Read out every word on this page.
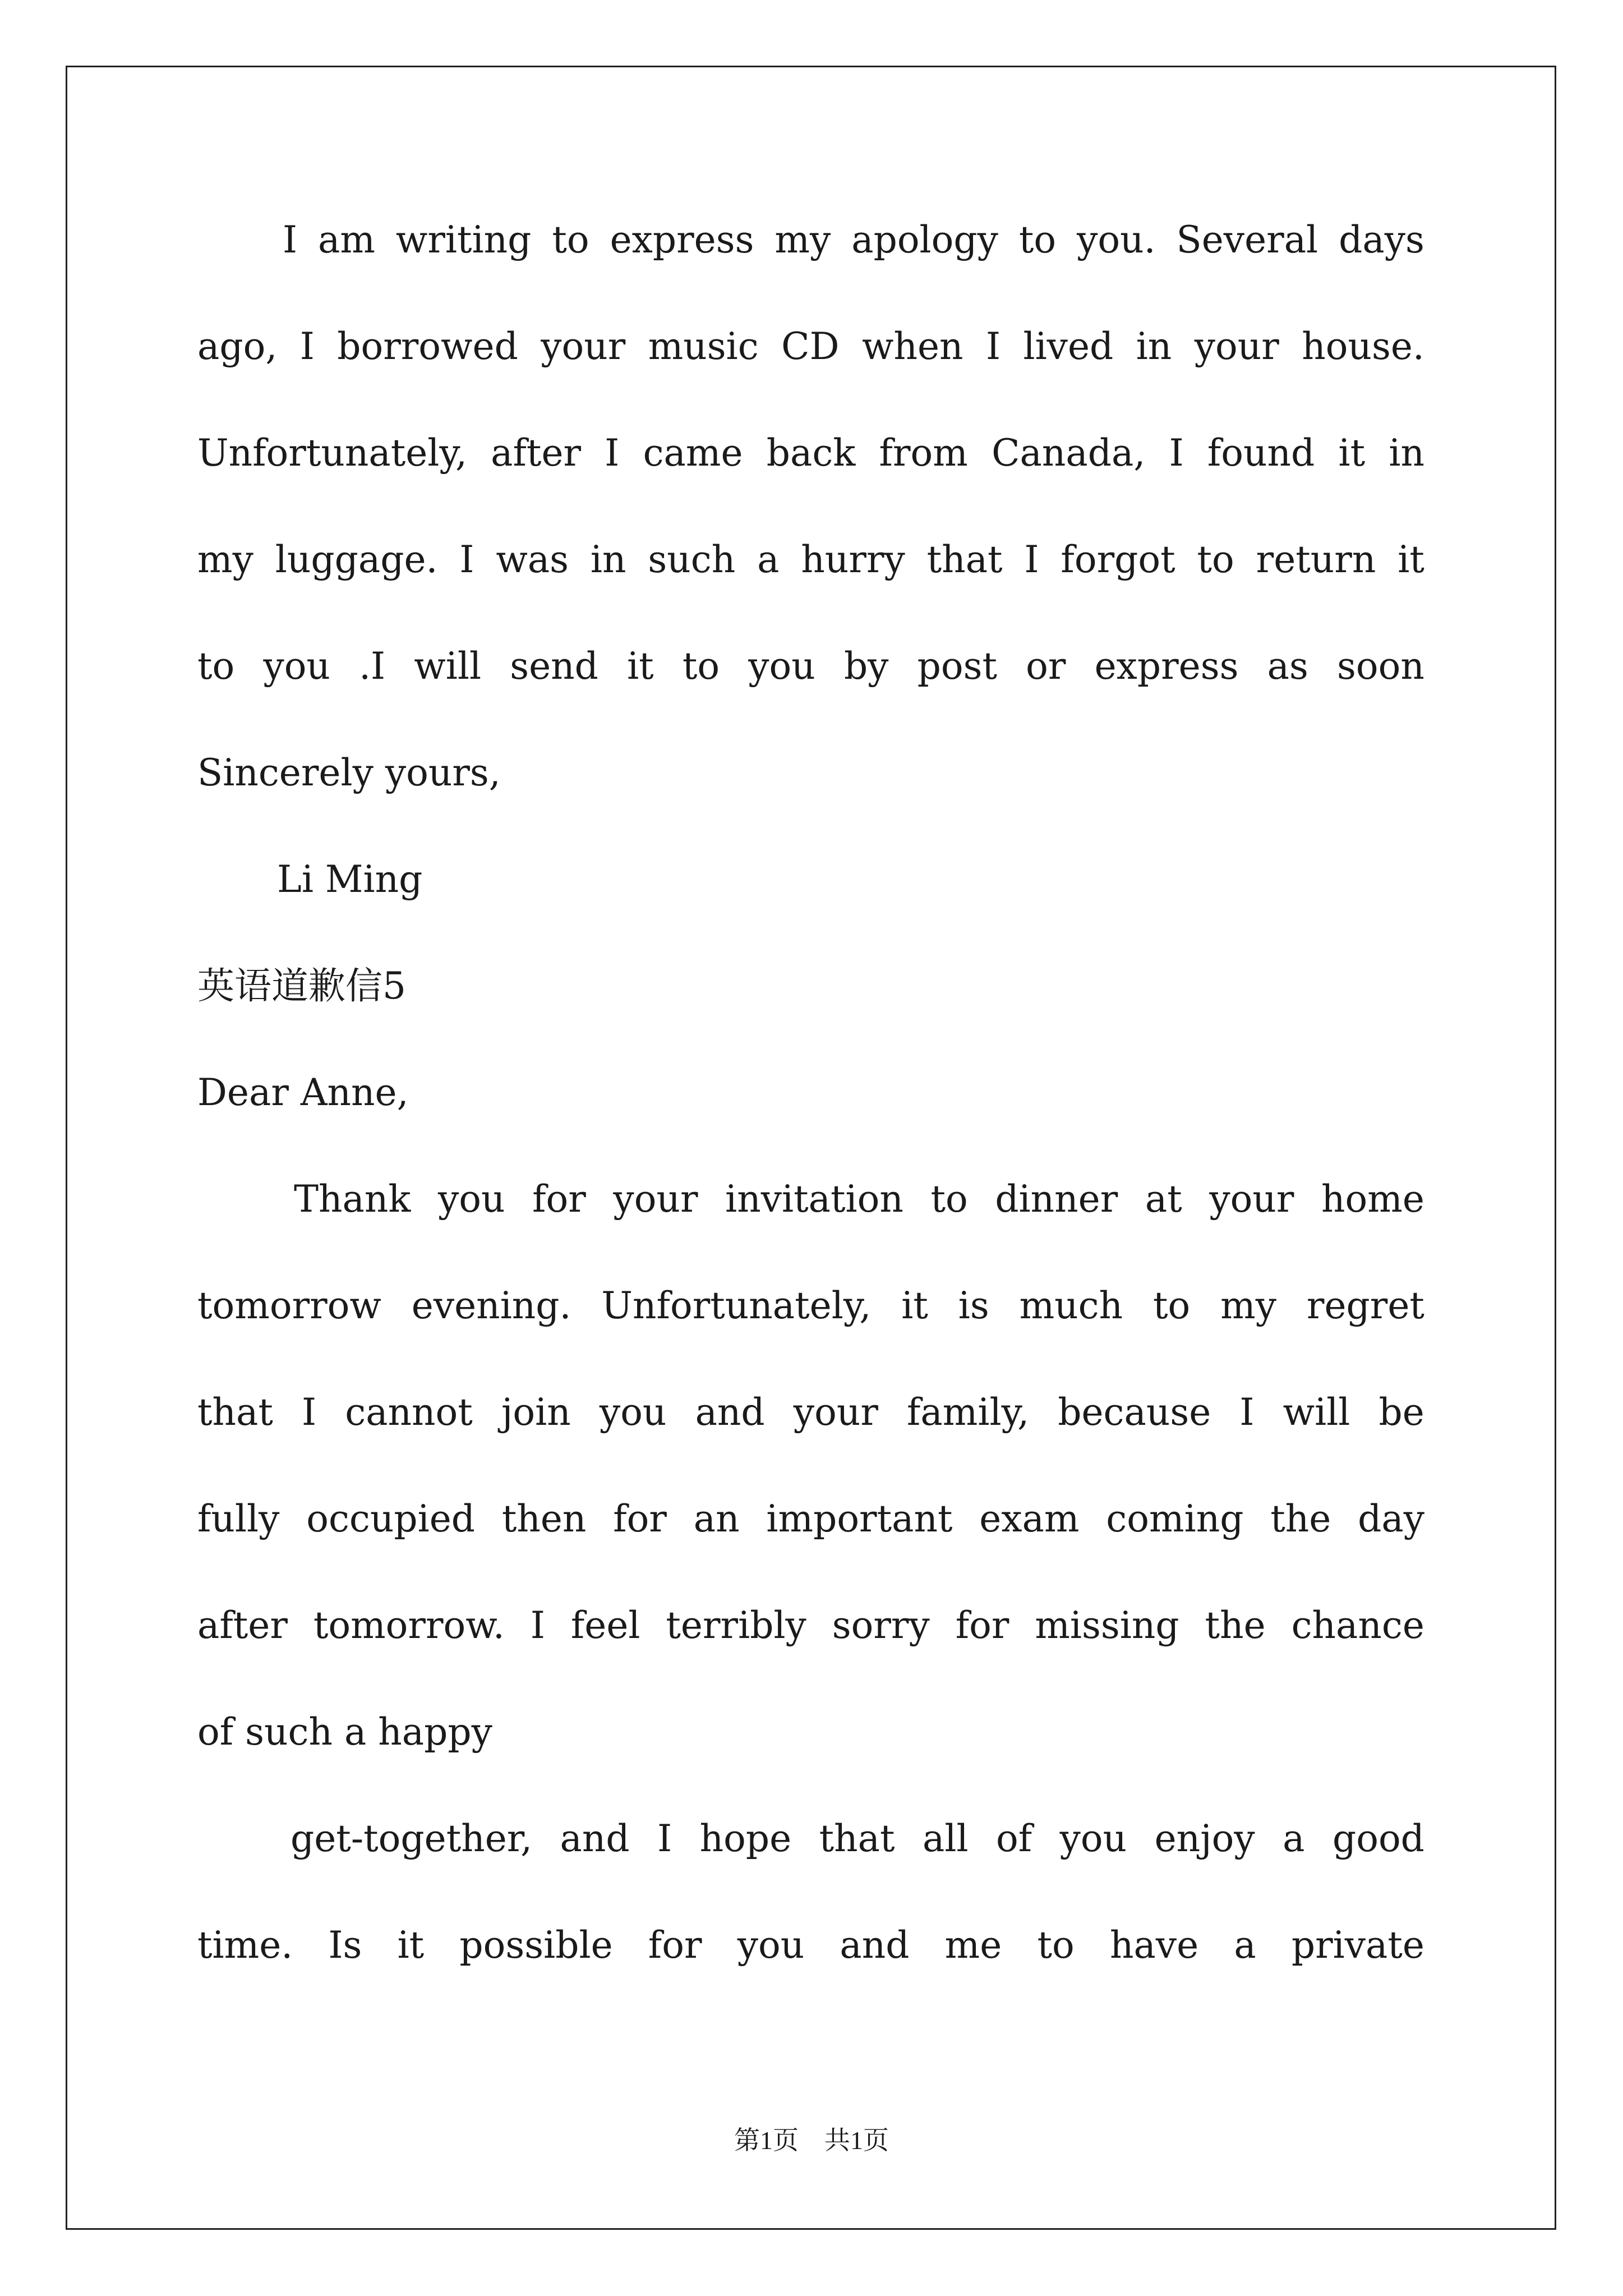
I am writing to express my apology to you. Several days
ago, I borrowed your music CD when I lived in your house.
Unfortunately, after I came back from Canada, I found it in
my luggage. I was in such a hurry that I forgot to return it
to you .I will send it to you by post or express as soon
Sincerely yours,
Li Ming
英语道歉信5
Dear Anne,
Thank you for your invitation to dinner at your home
tomorrow evening. Unfortunately, it is much to my regret
that I cannot join you and your family, because I will be
fully occupied then for an important exam coming the day
after tomorrow. I feel terribly sorry for missing the chance
of such a happy
get-together, and I hope that all of you enjoy a good
time. Is it possible for you and me to have a private
第1页 共1页
